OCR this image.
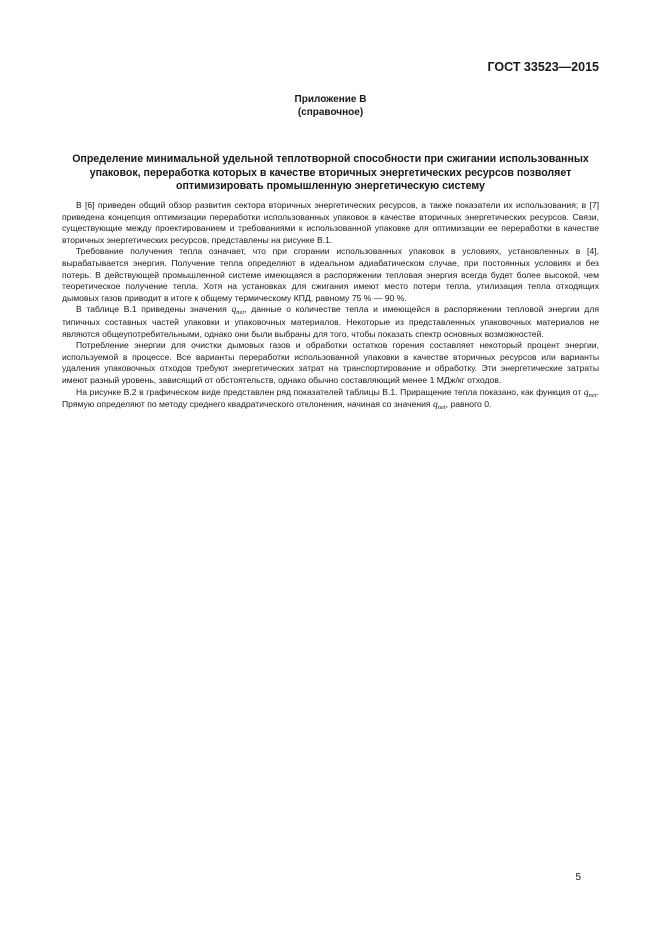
ГОСТ 33523—2015
Приложение В
(справочное)
Определение минимальной удельной теплотворной способности при сжигании использованных упаковок, переработка которых в качестве вторичных энергетических ресурсов позволяет оптимизировать промышленную энергетическую систему

В [6] приведен общий обзор развития сектора вторичных энергетических ресурсов, а также показатели их использования; в [7] приведена концепция оптимизации переработки использованных упаковок в качестве вторичных энергетических ресурсов. Связи, существующие между проектированием и требованиями к использованной упаковке для оптимизации ее переработки в качестве вторичных энергетических ресурсов, представлены на рисунке В.1.

Требование получения тепла означает, что при сгорании использованных упаковок в условиях, установленных в [4], вырабатывается энергия. Получение тепла определяют в идеальном адиабатическом случае, при постоянных условиях и без потерь. В действующей промышленной системе имеющаяся в распоряжении тепловая энергия всегда будет более высокой, чем теоретическое получение тепла. Хотя на установках для сжигания имеют место потери тепла, утилизация тепла отходящих дымовых газов приводит в итоге к общему термическому КПД, равному 75 % — 90 %.

В таблице В.1 приведены значения $q_{net}$, данные о количестве тепла и имеющейся в распоряжении тепловой энергии для типичных составных частей упаковки и упаковочных материалов. Некоторые из представленных упаковочных материалов не являются общеупотребительными, однако они были выбраны для того, чтобы показать спектр основных возможностей.

Потребление энергии для очистки дымовых газов и обработки остатков горения составляет некоторый процент энергии, используемой в процессе. Все варианты переработки использованной упаковки в качестве вторичных ресурсов или варианты удаления упаковочных отходов требуют энергетических затрат на транспортирование и обработку. Эти энергетические затраты имеют разный уровень, зависящий от обстоятельств, однако обычно составляющий менее 1 МДж/кг отходов.

На рисунке В.2 в графическом виде представлен ряд показателей таблицы В.1. Приращение тепла показано, как функция от $q_{net}$. Прямую определяют по методу среднего квадратического отклонения, начиная со значения $q_{net}$, равного 0.

5
